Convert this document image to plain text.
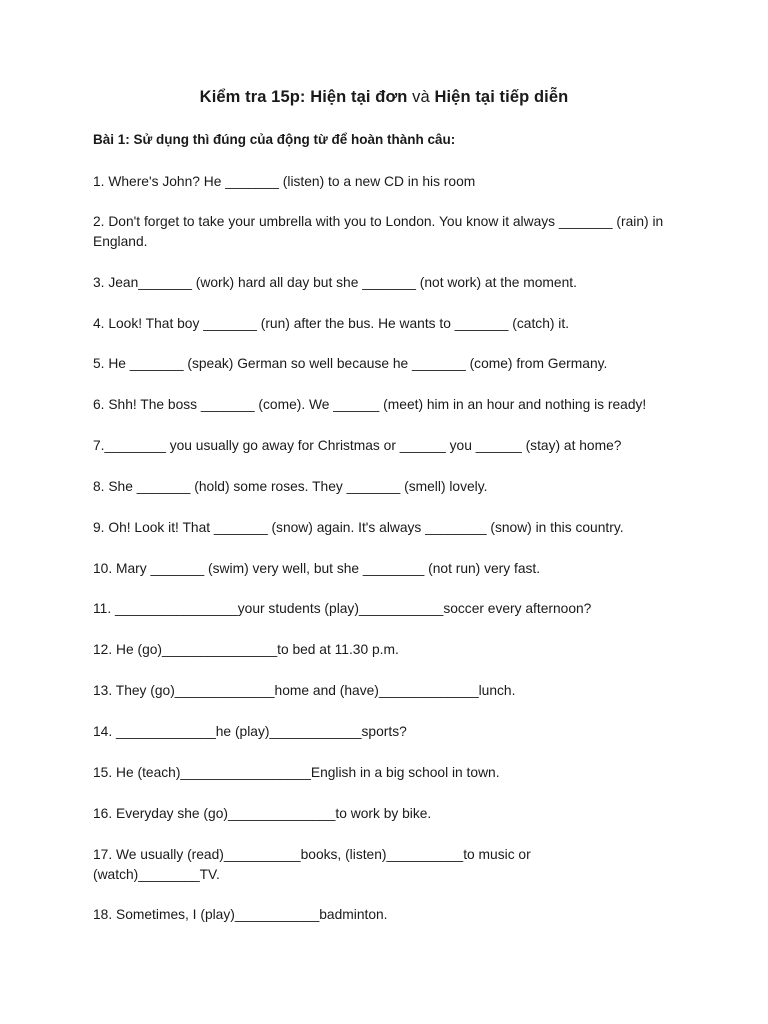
Kiểm tra 15p: Hiện tại đơn và Hiện tại tiếp diễn
Bài 1: Sử dụng thì đúng của động từ để hoàn thành câu:
1. Where's John? He _______ (listen) to a new CD in his room
2. Don't forget to take your umbrella with you to London. You know it always _______ (rain) in England.
3. Jean_______ (work) hard all day but she _______ (not work) at the moment.
4. Look! That boy _______ (run) after the bus. He wants to _______ (catch) it.
5. He _______ (speak) German so well because he _______ (come) from Germany.
6. Shh! The boss _______ (come). We ______ (meet) him in an hour and nothing is ready!
7.________ you usually go away for Christmas or ______ you ______ (stay) at home?
8. She _______ (hold) some roses. They _______ (smell) lovely.
9. Oh! Look it! That _______ (snow) again. It's always ________ (snow) in this country.
10. Mary _______ (swim) very well, but she ________ (not run) very fast.
11. ________________your students (play)___________soccer every afternoon?
12. He (go)_______________to bed at 11.30 p.m.
13. They (go)_____________home and (have)_____________lunch.
14. _____________he (play)____________sports?
15. He (teach)_________________English in a big school in town.
16. Everyday she (go)______________to work by bike.
17. We usually (read)__________books, (listen)__________to music or (watch)________TV.
18. Sometimes, I (play)___________badminton.
